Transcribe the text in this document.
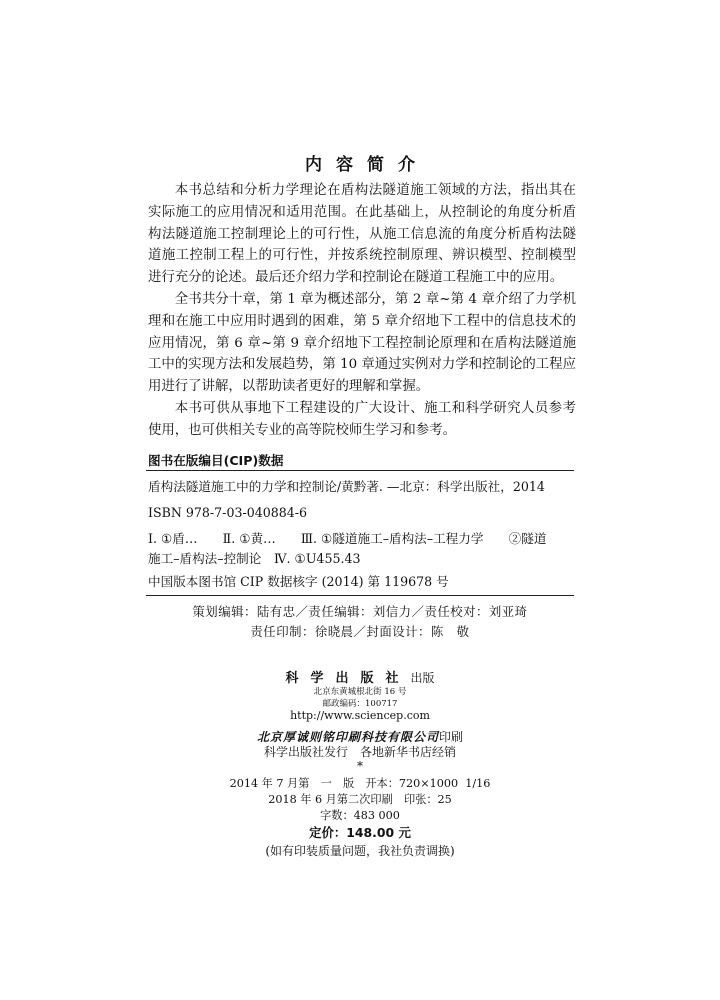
内容简介

本书总结和分析力学理论在盾构法隧道施工领域的方法，指出其在实际施工的应用情况和适用范围。在此基础上，从控制论的角度分析盾构法隧道施工控制理论上的可行性，从施工信息流的角度分析盾构法隧道施工控制工程上的可行性，并按系统控制原理、辨识模型、控制模型进行充分的论述。最后还介绍力学和控制论在隧道工程施工中的应用。

全书共分十章，第 1 章为概述部分，第 2 章~第 4 章介绍了力学机理和在施工中应用时遇到的困难，第 5 章介绍地下工程中的信息技术的应用情况，第 6 章~第 9 章介绍地下工程控制论原理和在盾构法隧道施工中的实现方法和发展趋势，第 10 章通过实例对力学和控制论的工程应用进行了讲解，以帮助读者更好的理解和掌握。

本书可供从事地下工程建设的广大设计、施工和科学研究人员参考使用，也可供相关专业的高等院校师生学习和参考。

图书在版编目(CIP)数据
盾构法隧道施工中的力学和控制论/黄黔著. —北京：科学出版社，2014
ISBN 978-7-03-040884-6
Ⅰ. ①盾…　　Ⅱ. ①黄…　　Ⅲ. ①隧道施工–盾构法–工程力学　　②隧道
施工–盾构法–控制论　Ⅳ. ①U455.43
中国版本图书馆 CIP 数据核字 (2014) 第 119678 号
策划编辑：陆有忠／责任编辑：刘信力／责任校对：刘亚琦
责任印制：徐晓晨／封面设计：陈　敬
科学出版社出版
北京东黄城根北街 16 号
邮政编码：100717
http://www.sciencep.com
北京厚诚则铭印刷科技有限公司印刷
科学出版社发行　各地新华书店经销
*
2014 年 7 月第　一　版　开本：720×1000  1/16
2018 年 6 月第二次印刷　印张：25
字数：483 000
定价：148.00 元
(如有印装质量问题，我社负责调换)
